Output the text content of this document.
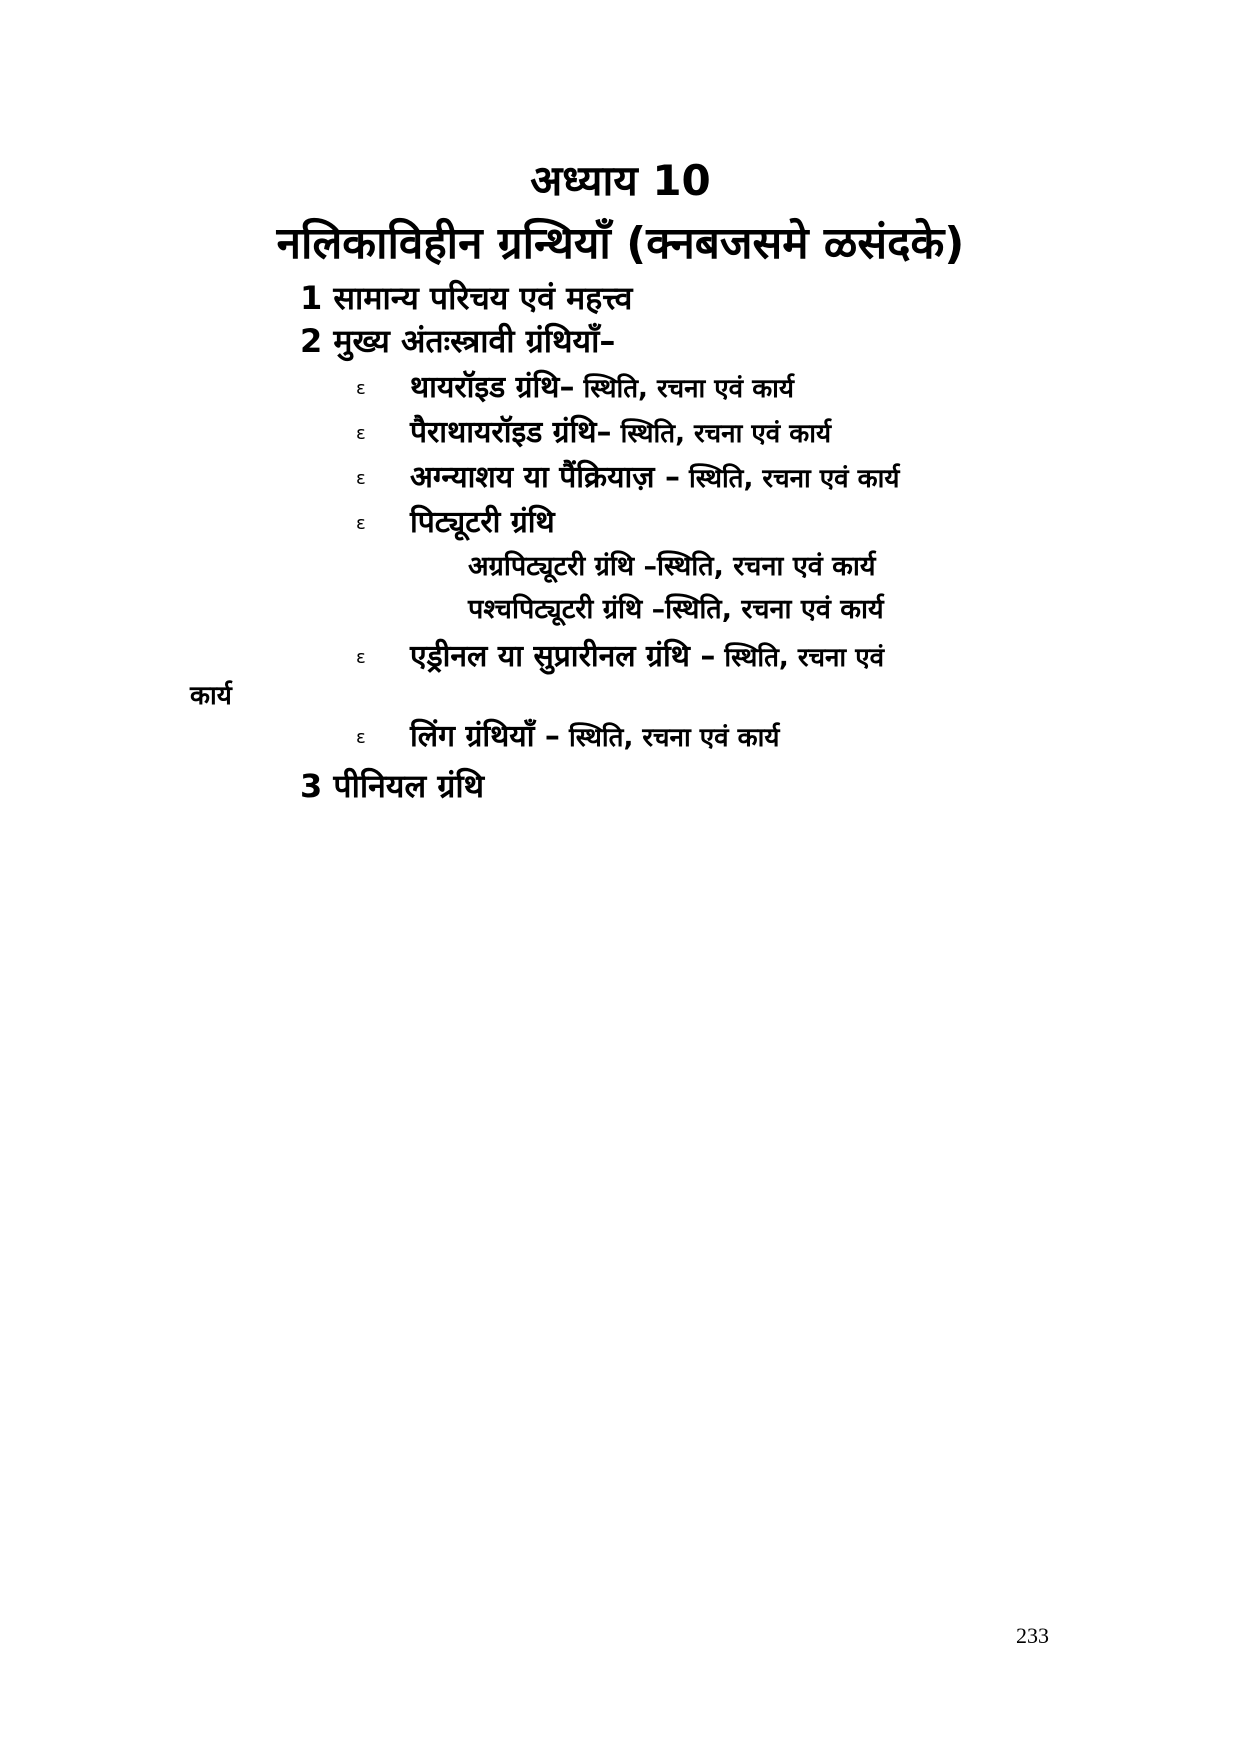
अध्याय 10
नलिकाविहीन ग्रन्थियाँ (क्नबजसमे ळसंदके)
1 सामान्य परिचय एवं महत्त्व
2 मुख्य अंतःस्त्रावी ग्रंथियाँ–
ε थायरॉइड ग्रंथि– स्थिति, रचना एवं कार्य
ε पैराथायरॉइड ग्रंथि– स्थिति, रचना एवं कार्य
ε अग्न्याशय या पैंक्रियाज़ – स्थिति, रचना एवं कार्य
ε पिट्यूटरी ग्रंथि
अग्रपिट्यूटरी ग्रंथि –स्थिति, रचना एवं कार्य
पश्चपिट्यूटरी ग्रंथि –स्थिति, रचना एवं कार्य
ε एड्रीनल या सुप्रारीनल ग्रंथि – स्थिति, रचना एवं
कार्य
ε लिंग ग्रंथियाँ – स्थिति, रचना एवं कार्य
3 पीनियल ग्रंथि
233
